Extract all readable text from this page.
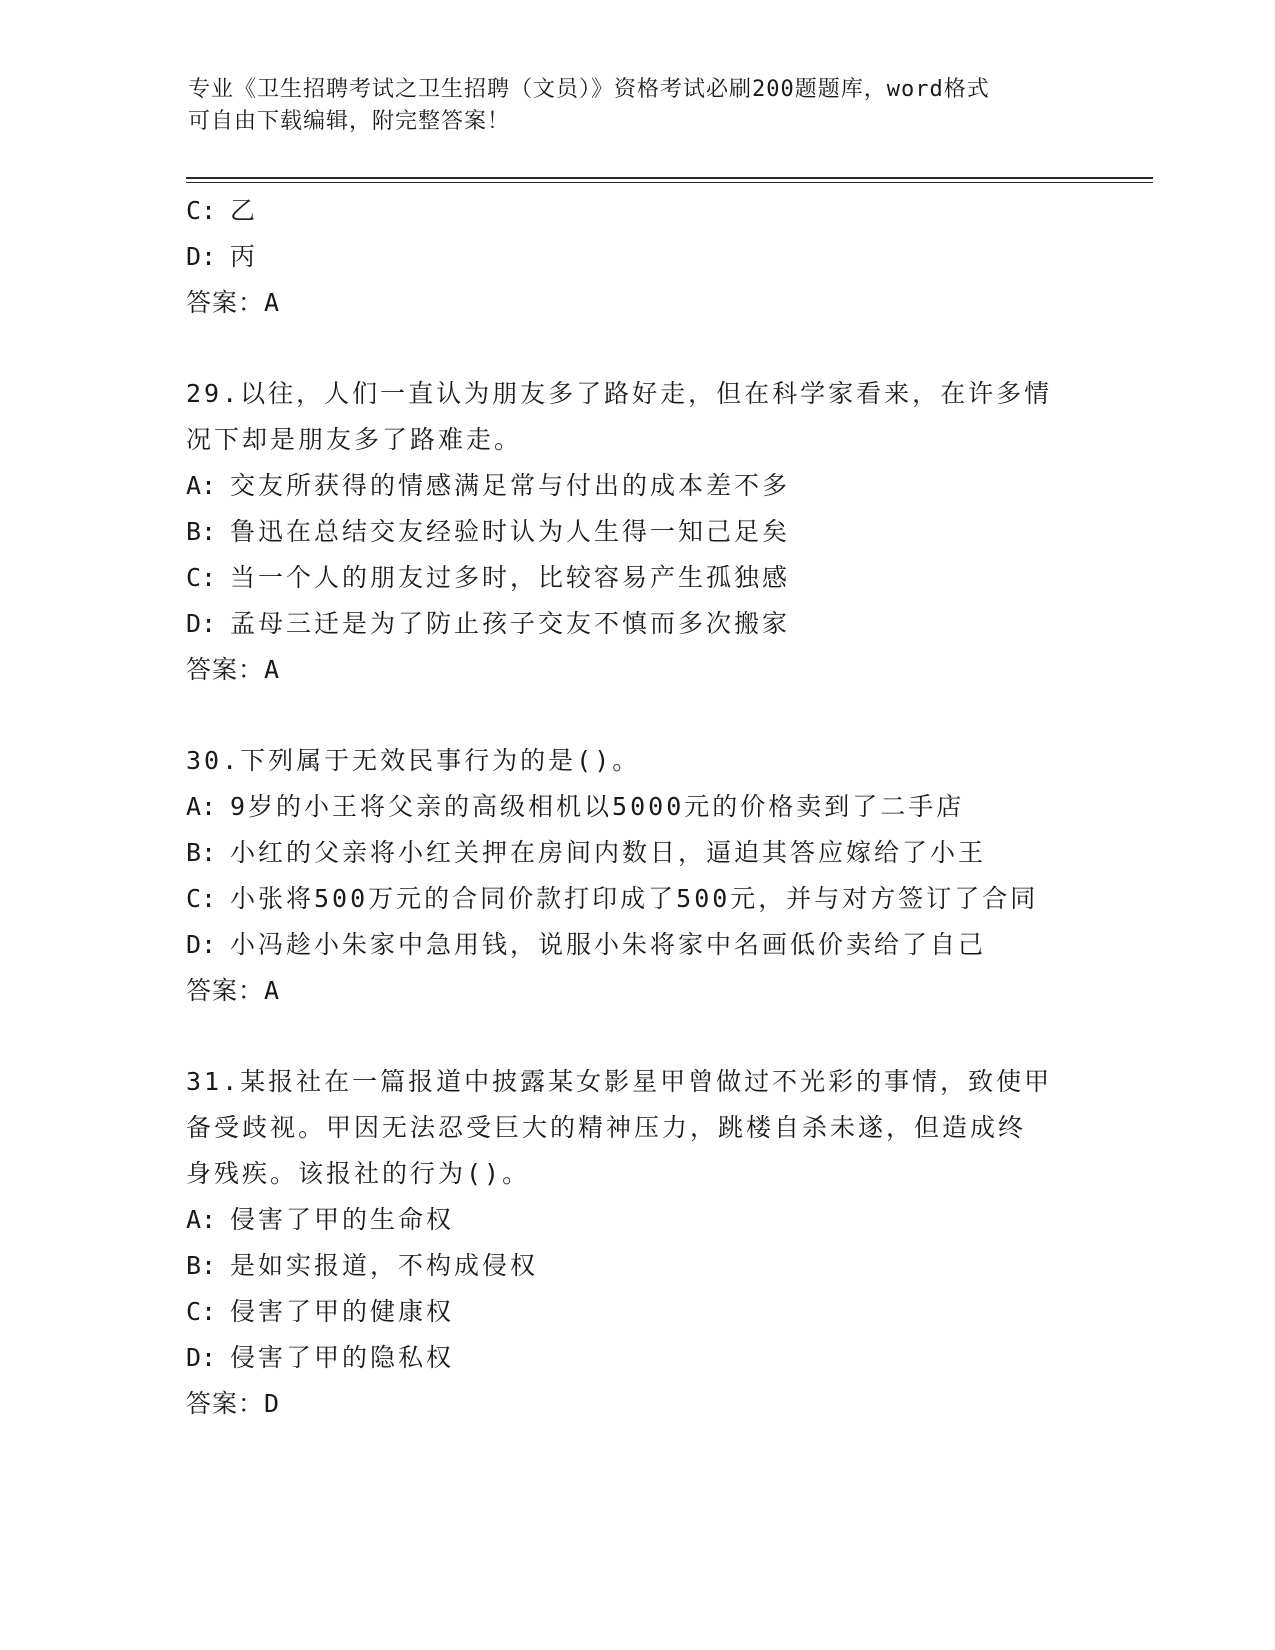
专业《卫生招聘考试之卫生招聘（文员）》资格考试必刷200题题库，word格式
可自由下载编辑，附完整答案！
C: 乙
D: 丙
答案：A
29.以往，人们一直认为朋友多了路好走，但在科学家看来，在许多情
况下却是朋友多了路难走。
A: 交友所获得的情感满足常与付出的成本差不多
B: 鲁迅在总结交友经验时认为人生得一知己足矣
C: 当一个人的朋友过多时，比较容易产生孤独感
D: 孟母三迁是为了防止孩子交友不慎而多次搬家
答案：A
30.下列属于无效民事行为的是()。
A: 9岁的小王将父亲的高级相机以5000元的价格卖到了二手店
B: 小红的父亲将小红关押在房间内数日，逼迫其答应嫁给了小王
C: 小张将500万元的合同价款打印成了500元，并与对方签订了合同
D: 小冯趁小朱家中急用钱，说服小朱将家中名画低价卖给了自己
答案：A
31.某报社在一篇报道中披露某女影星甲曾做过不光彩的事情，致使甲
备受歧视。甲因无法忍受巨大的精神压力，跳楼自杀未遂，但造成终
身残疾。该报社的行为()。
A: 侵害了甲的生命权
B: 是如实报道，不构成侵权
C: 侵害了甲的健康权
D: 侵害了甲的隐私权
答案：D
